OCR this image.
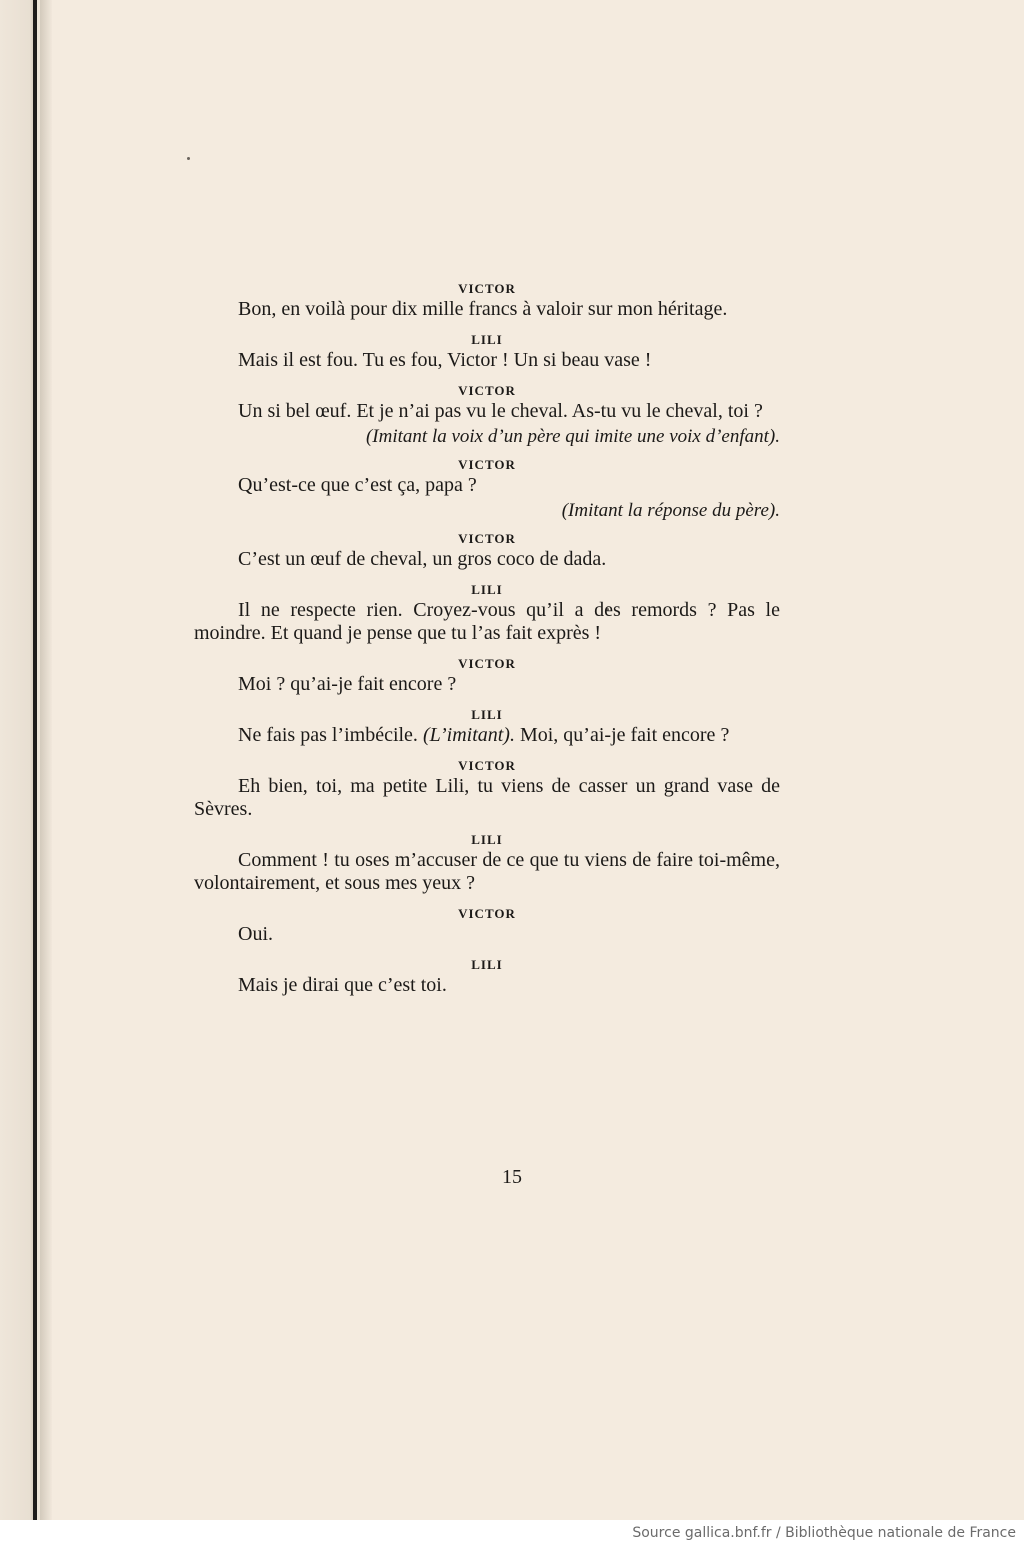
VICTOR

Bon, en voilà pour dix mille francs à valoir sur mon héritage.

LILI

Mais il est fou. Tu es fou, Victor ! Un si beau vase !

VICTOR

Un si bel œuf. Et je n’ai pas vu le cheval. As-tu vu le cheval, toi ?

(Imitant la voix d’un père qui imite une voix d’enfant).

VICTOR

Qu’est-ce que c’est ça, papa ?

(Imitant la réponse du père).

VICTOR

C’est un œuf de cheval, un gros coco de dada.

LILI

Il ne respecte rien. Croyez-vous qu’il a des remords ? Pas le moindre. Et quand je pense que tu l’as fait exprès !

VICTOR

Moi ? qu’ai-je fait encore ?

LILI

Ne fais pas l’imbécile. (L’imitant). Moi, qu’ai-je fait encore ?

VICTOR

Eh bien, toi, ma petite Lili, tu viens de casser un grand vase de Sèvres.

LILI

Comment ! tu oses m’accuser de ce que tu viens de faire toi-même, volontairement, et sous mes yeux ?

VICTOR

Oui.

LILI

Mais je dirai que c’est toi.

15
Source gallica.bnf.fr / Bibliothèque nationale de France
